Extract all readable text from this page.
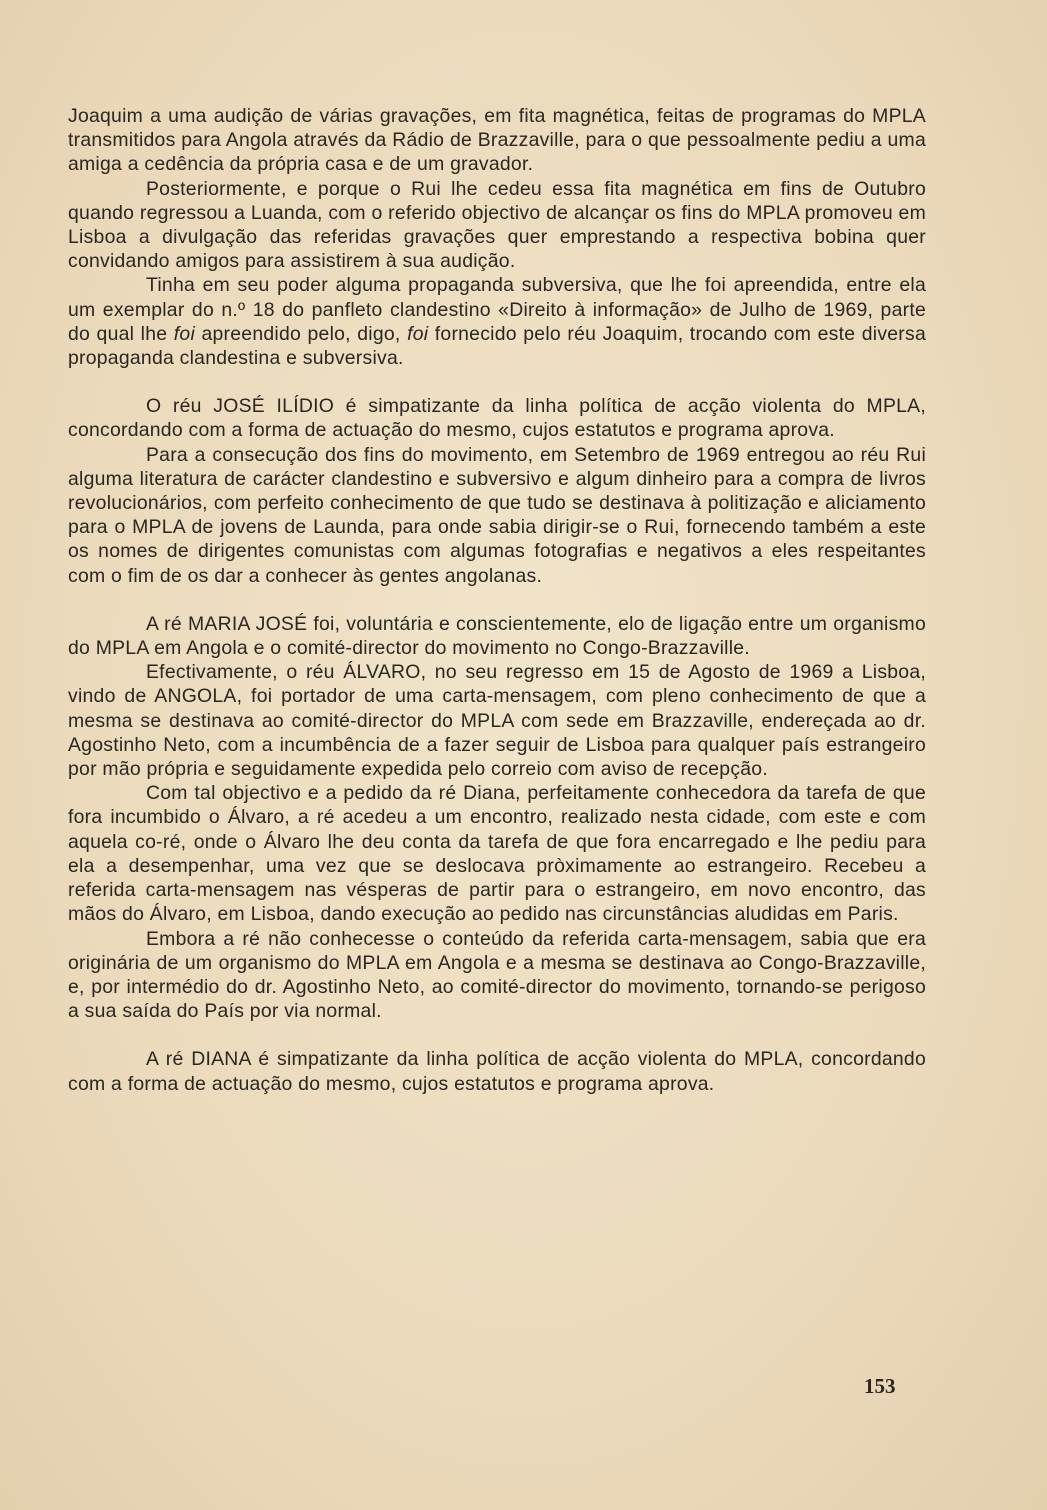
Joaquim a uma audição de várias gravações, em fita magnética, feitas de programas do MPLA transmitidos para Angola através da Rádio de Brazzaville, para o que pessoalmente pediu a uma amiga a cedência da própria casa e de um gravador.

Posteriormente, e porque o Rui lhe cedeu essa fita magnética em fins de Outubro quando regressou a Luanda, com o referido objectivo de alcançar os fins do MPLA promoveu em Lisboa a divulgação das referidas gravações quer emprestando a respectiva bobina quer convidando amigos para assistirem à sua audição.

Tinha em seu poder alguma propaganda subversiva, que lhe foi apreendida, entre ela um exemplar do n.º 18 do panfleto clandestino «Direito à informação» de Julho de 1969, parte do qual lhe foi apreendido pelo, digo, foi fornecido pelo réu Joaquim, trocando com este diversa propaganda clandestina e subversiva.

O réu JOSÉ ILÍDIO é simpatizante da linha política de acção violenta do MPLA, concordando com a forma de actuação do mesmo, cujos estatutos e programa aprova.

Para a consecução dos fins do movimento, em Setembro de 1969 entregou ao réu Rui alguma literatura de carácter clandestino e subversivo e algum dinheiro para a compra de livros revolucionários, com perfeito conhecimento de que tudo se destinava à politização e aliciamento para o MPLA de jovens de Launda, para onde sabia dirigir-se o Rui, fornecendo também a este os nomes de dirigentes comunistas com algumas fotografias e negativos a eles respeitantes com o fim de os dar a conhecer às gentes angolanas.

A ré MARIA JOSÉ foi, voluntária e conscientemente, elo de ligação entre um organismo do MPLA em Angola e o comité-director do movimento no Congo-Brazzaville.

Efectivamente, o réu ÁLVARO, no seu regresso em 15 de Agosto de 1969 a Lisboa, vindo de ANGOLA, foi portador de uma carta-mensagem, com pleno conhecimento de que a mesma se destinava ao comité-director do MPLA com sede em Brazzaville, endereçada ao dr. Agostinho Neto, com a incumbência de a fazer seguir de Lisboa para qualquer país estrangeiro por mão própria e seguidamente expedida pelo correio com aviso de recepção.

Com tal objectivo e a pedido da ré Diana, perfeitamente conhecedora da tarefa de que fora incumbido o Álvaro, a ré acedeu a um encontro, realizado nesta cidade, com este e com aquela co-ré, onde o Álvaro lhe deu conta da tarefa de que fora encarregado e lhe pediu para ela a desempenhar, uma vez que se deslocava pròximamente ao estrangeiro. Recebeu a referida carta-mensagem nas vésperas de partir para o estrangeiro, em novo encontro, das mãos do Álvaro, em Lisboa, dando execução ao pedido nas circunstâncias aludidas em Paris.

Embora a ré não conhecesse o conteúdo da referida carta-mensagem, sabia que era originária de um organismo do MPLA em Angola e a mesma se destinava ao Congo-Brazzaville, e, por intermédio do dr. Agostinho Neto, ao comité-director do movimento, tornando-se perigoso a sua saída do País por via normal.

A ré DIANA é simpatizante da linha política de acção violenta do MPLA, concordando com a forma de actuação do mesmo, cujos estatutos e programa aprova.

153
